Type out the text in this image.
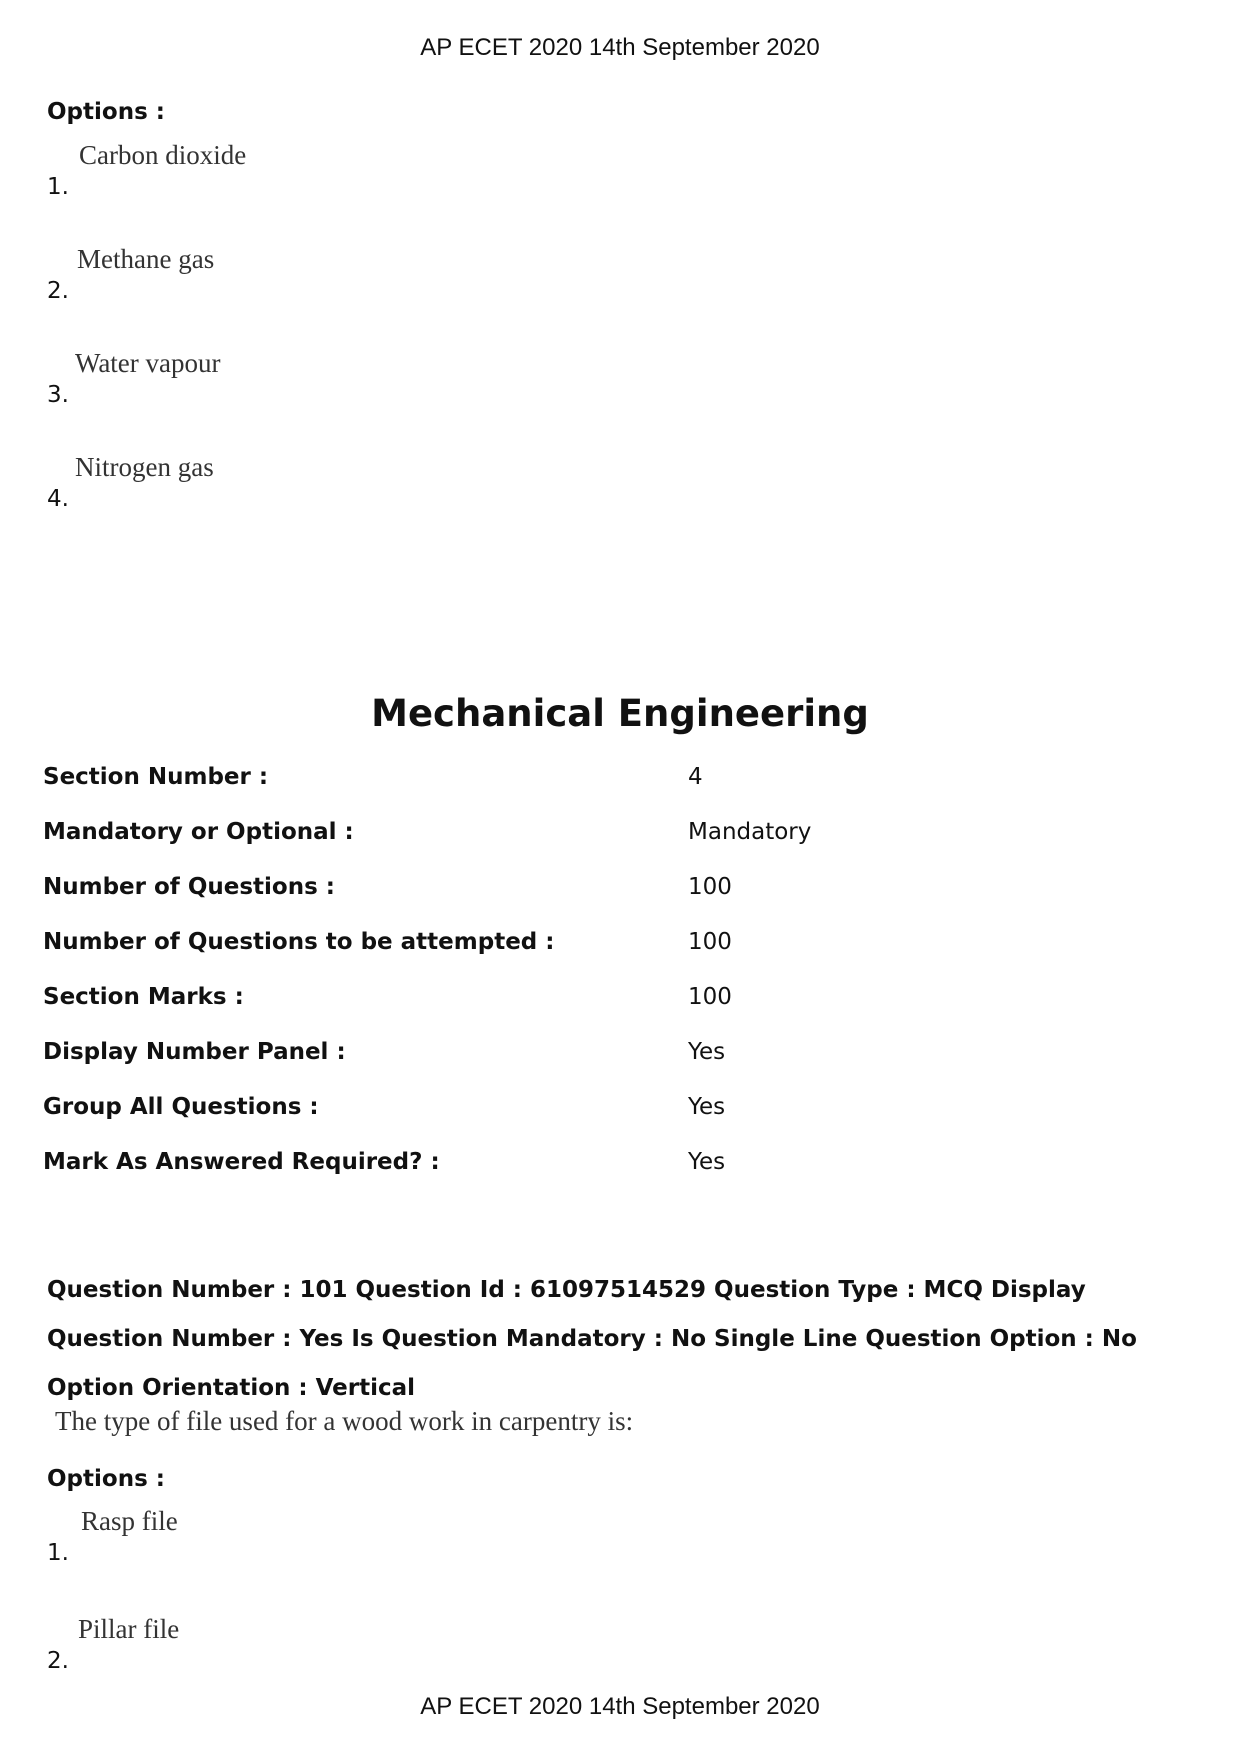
AP ECET 2020 14th September 2020
Options :
1.
Carbon dioxide
2.
Methane gas
3.
Water vapour
4.
Nitrogen gas
Mechanical Engineering
Section Number :	4
Mandatory or Optional :	Mandatory
Number of Questions :	100
Number of Questions to be attempted :	100
Section Marks :	100
Display Number Panel :	Yes
Group All Questions :	Yes
Mark As Answered Required? :	Yes
Question Number : 101 Question Id : 61097514529 Question Type : MCQ Display Question Number : Yes Is Question Mandatory : No Single Line Question Option : No Option Orientation : Vertical
The type of file used for a wood work in carpentry is:
Options :
1.
Rasp file
2.
Pillar file
AP ECET 2020 14th September 2020
